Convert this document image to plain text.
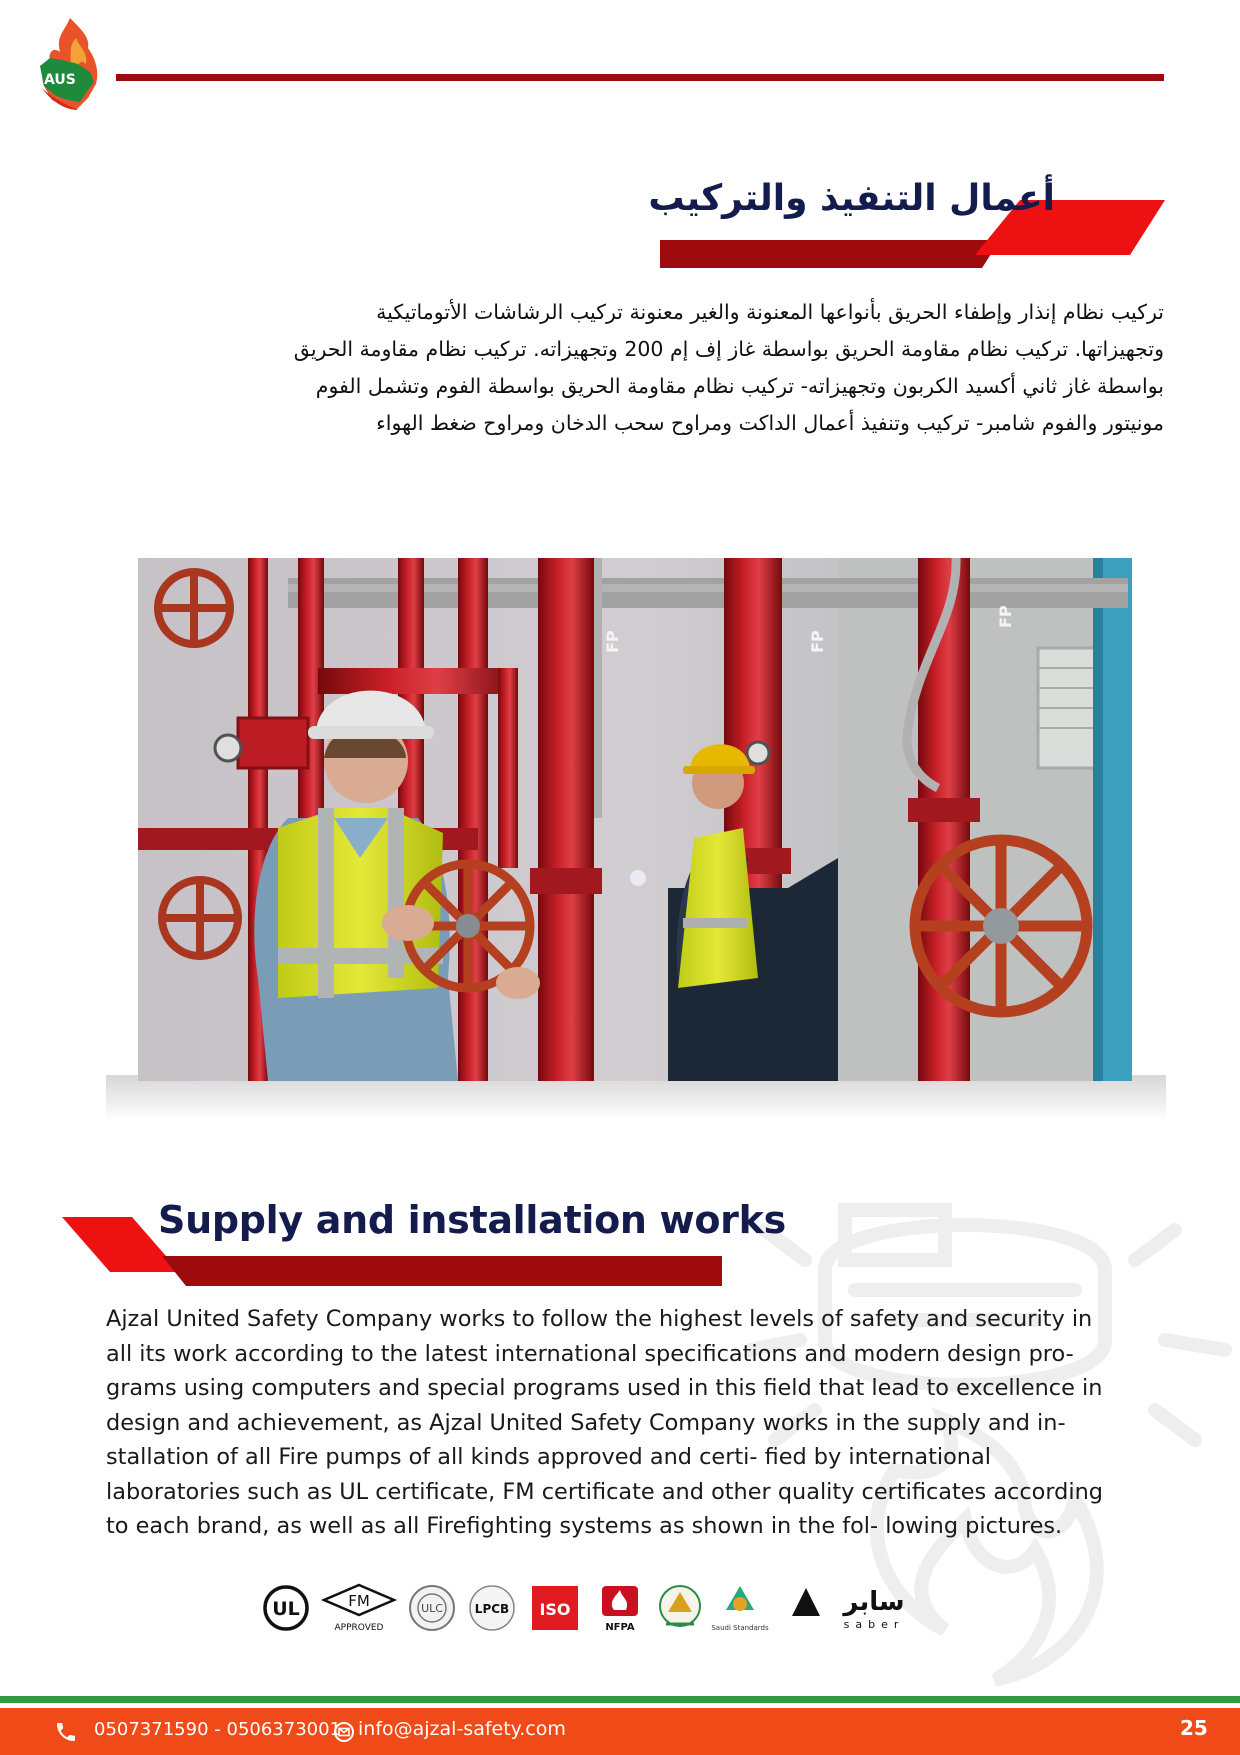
AUS
أعمال التنفيذ والتركيب
تركيب نظام إنذار وإطفاء الحريق بأنواعها المعنونة والغير معنونة تركيب الرشاشات الأتوماتيكية
وتجهيزاتها. تركيب نظام مقاومة الحريق بواسطة غاز إف إم 200 وتجهيزاته. تركيب نظام مقاومة الحريق
بواسطة غاز ثاني أكسيد الكربون وتجهيزاته- تركيب نظام مقاومة الحريق بواسطة الفوم وتشمل الفوم
مونيتور والفوم شامبر- تركيب وتنفيذ أعمال الداكت ومراوح سحب الدخان ومراوح ضغط الهواء
FP	FP
FP
Supply and installation works
Ajzal United Safety Company works to follow the highest levels of safety and security in
all its work according to the latest international specifications and modern design pro-
grams using computers and special programs used in this field that lead to excellence in
design and achievement, as Ajzal United Safety Company works in the supply and in-
stallation of all Fire pumps of all kinds approved and certi- fied by international
laboratories such as UL certificate, FM certificate and other quality certificates according
to each brand, as well as all Firefighting systems as shown in the fol- lowing pictures.
UL	FM
APPROVED
ULC	LPCB ISO
NFPA	Saudi Standards
سابر
saber
0507371590 - 0506373001 info@ajzal-safety.com	25
